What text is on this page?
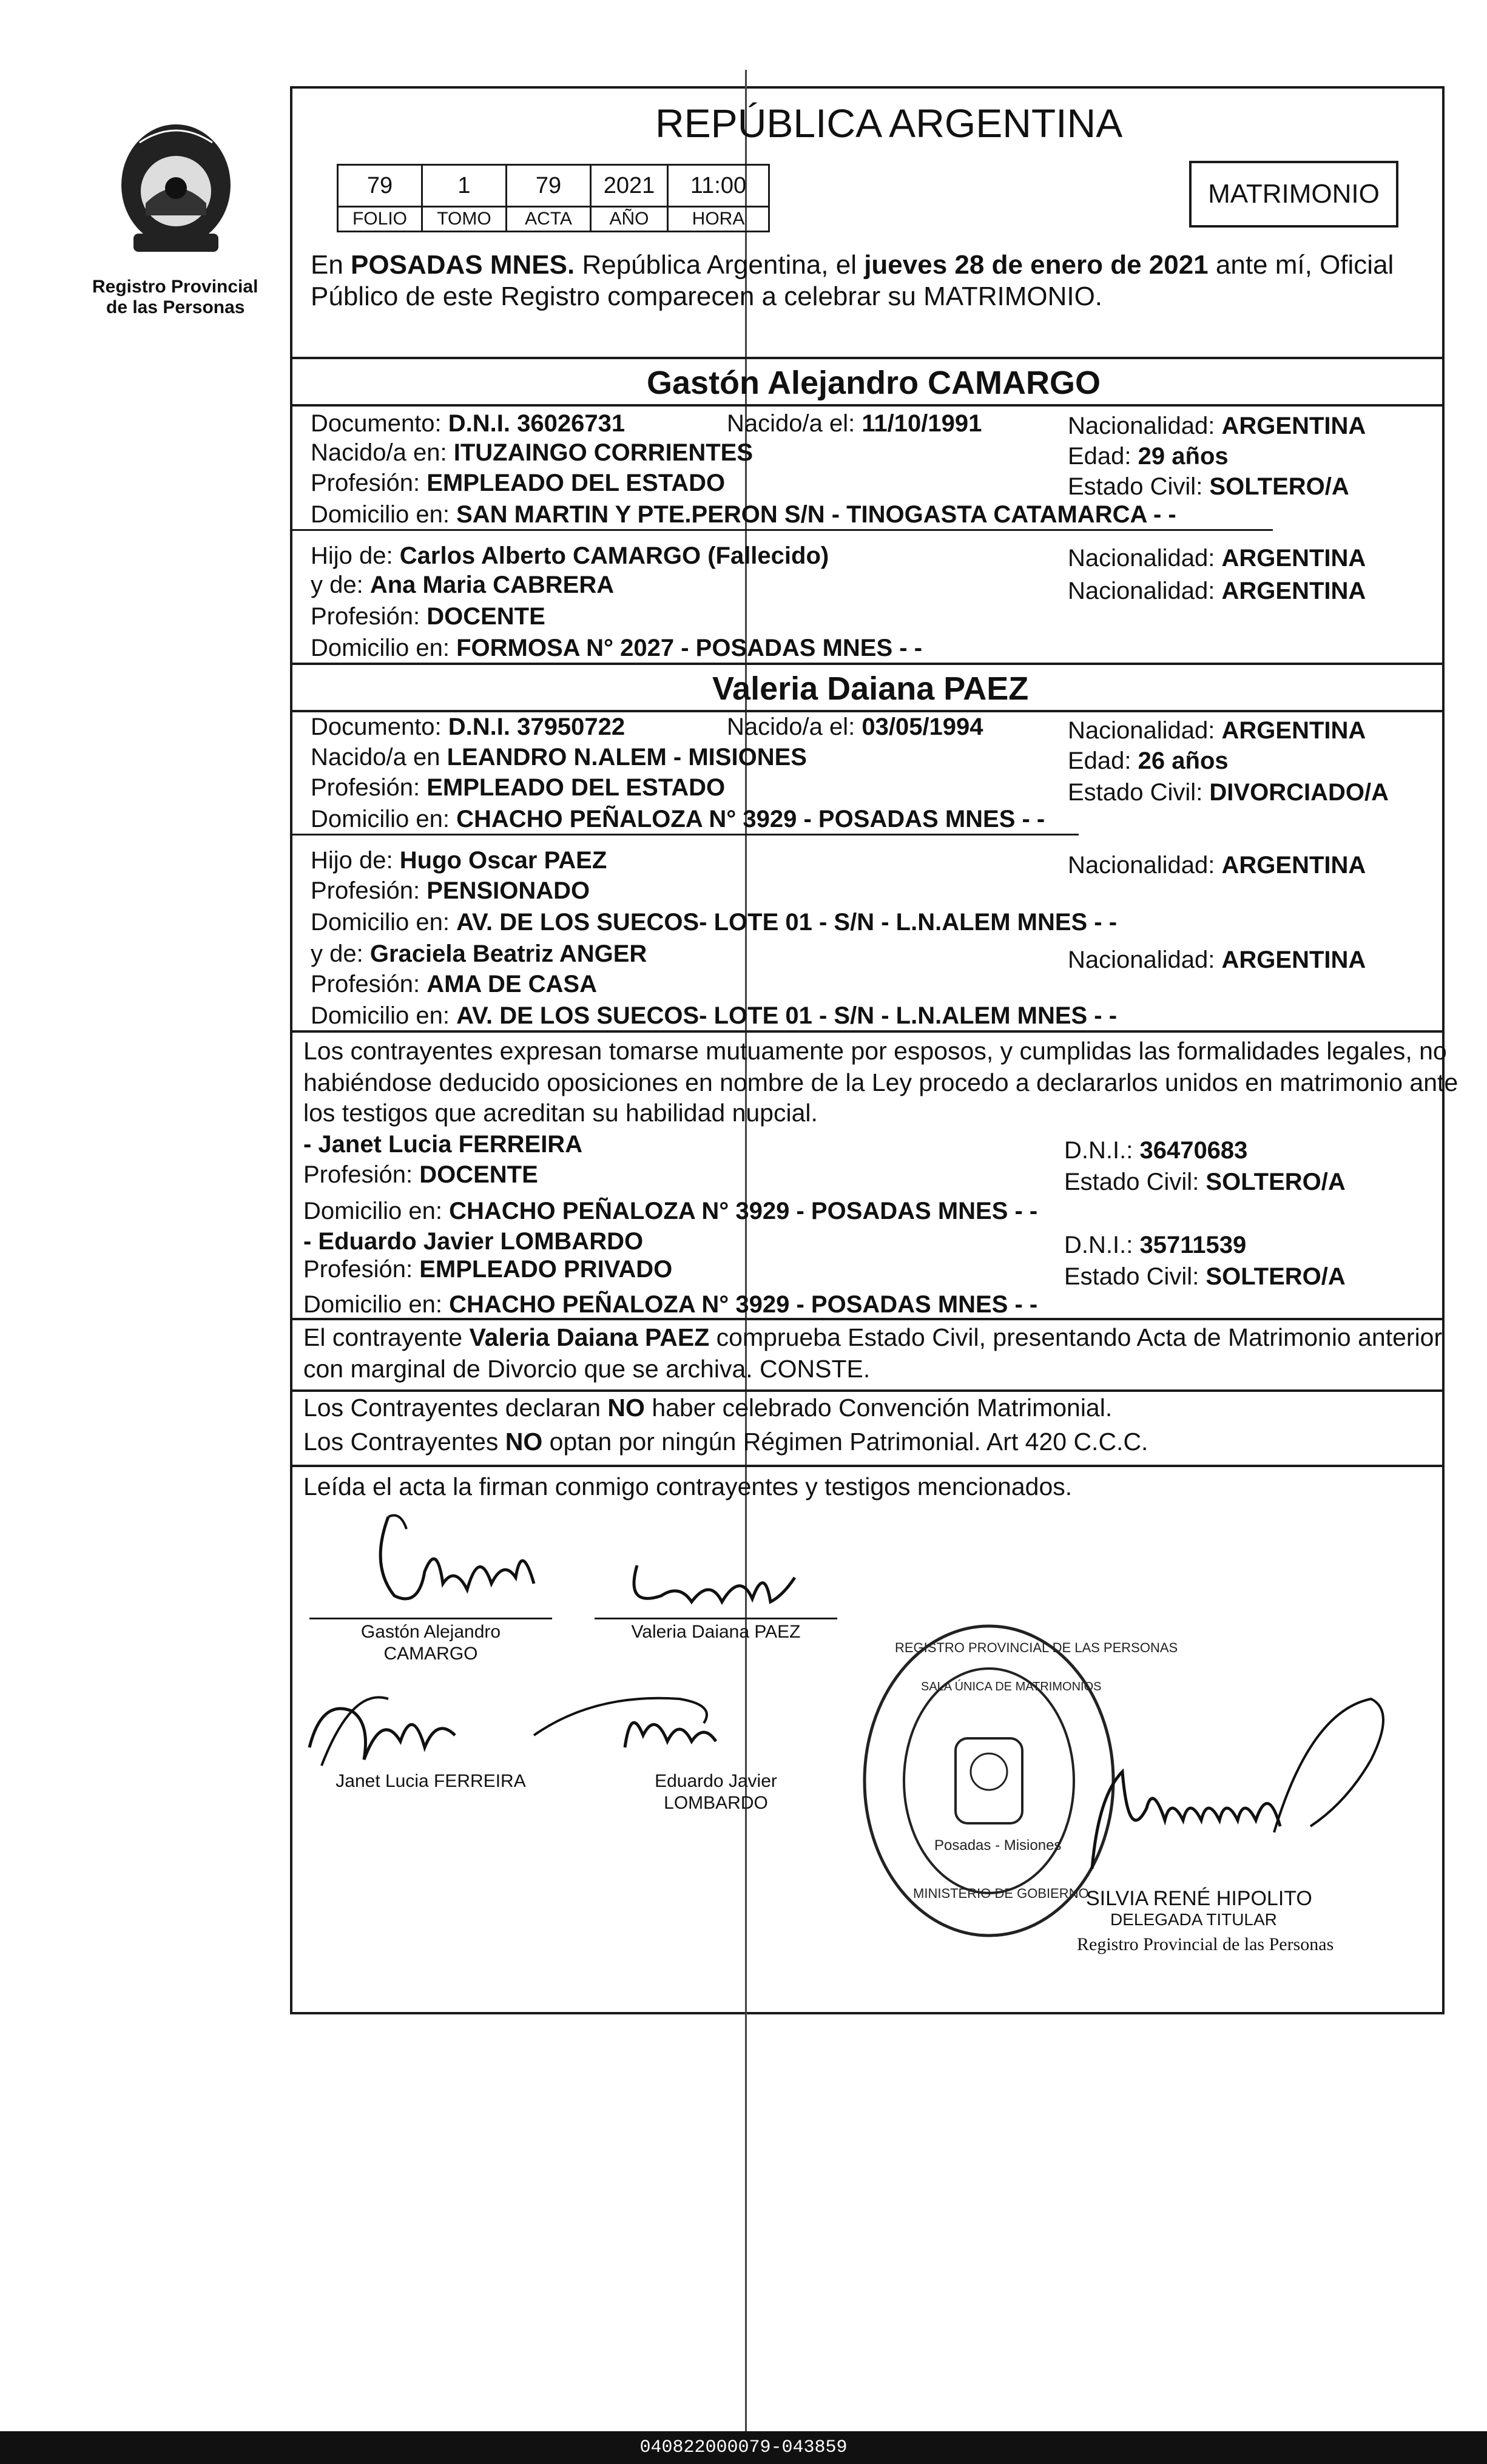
Registro Provincial
de las Personas
REPÚBLICA ARGENTINA
79	1	79	2021	11:00
FOLIO	TOMO	ACTA	AÑO	HORA
MATRIMONIO
En POSADAS MNES. República Argentina, el jueves 28 de enero de 2021 ante mí, Oficial
Público de este Registro comparecen a celebrar su MATRIMONIO.
Gastón Alejandro CAMARGO
Documento: D.N.I. 36026731	Nacido/a el: 11/10/1991	Nacionalidad: ARGENTINA
Nacido/a en: ITUZAINGO CORRIENTES	Edad: 29 años
Profesión: EMPLEADO DEL ESTADO	Estado Civil: SOLTERO/A
Domicilio en: SAN MARTIN Y PTE.PERON S/N - TINOGASTA CATAMARCA - -
Hijo de: Carlos Alberto CAMARGO (Fallecido)	Nacionalidad: ARGENTINA
y de: Ana Maria CABRERA	Nacionalidad: ARGENTINA
Profesión: DOCENTE
Domicilio en: FORMOSA N° 2027 - POSADAS MNES - -
Valeria Daiana PAEZ
Documento: D.N.I. 37950722	Nacido/a el: 03/05/1994	Nacionalidad: ARGENTINA
Nacido/a en LEANDRO N.ALEM - MISIONES	Edad: 26 años
Profesión: EMPLEADO DEL ESTADO	Estado Civil: DIVORCIADO/A
Domicilio en: CHACHO PEÑALOZA N° 3929 - POSADAS MNES - -
Hijo de: Hugo Oscar PAEZ	Nacionalidad: ARGENTINA
Profesión: PENSIONADO
Domicilio en: AV. DE LOS SUECOS- LOTE 01 - S/N - L.N.ALEM MNES - -
y de: Graciela Beatriz ANGER	Nacionalidad: ARGENTINA
Profesión: AMA DE CASA
Domicilio en: AV. DE LOS SUECOS- LOTE 01 - S/N - L.N.ALEM MNES - -
Los contrayentes expresan tomarse mutuamente por esposos, y cumplidas las formalidades legales, no
habiéndose deducido oposiciones en nombre de la Ley procedo a declararlos unidos en matrimonio ante
los testigos que acreditan su habilidad nupcial.
- Janet Lucia FERREIRA	D.N.I.: 36470683
Profesión: DOCENTE	Estado Civil: SOLTERO/A
Domicilio en: CHACHO PEÑALOZA N° 3929 - POSADAS MNES - -
- Eduardo Javier LOMBARDO	D.N.I.: 35711539
Profesión: EMPLEADO PRIVADO	Estado Civil: SOLTERO/A
Domicilio en: CHACHO PEÑALOZA N° 3929 - POSADAS MNES - -
El contrayente Valeria Daiana PAEZ comprueba Estado Civil, presentando Acta de Matrimonio anterior
con marginal de Divorcio que se archiva. CONSTE.
Los Contrayentes declaran NO haber celebrado Convención Matrimonial.
Los Contrayentes NO optan por ningún Régimen Patrimonial. Art 420 C.C.C.
Leída el acta la firman conmigo contrayentes y testigos mencionados.
Gastón Alejandro
CAMARGO
Valeria Daiana PAEZ
Janet Lucia FERREIRA	Eduardo Javier
LOMBARDO
REGISTRO PROVINCIAL DE LAS PERSONAS
SALA ÚNICA DE MATRIMONIOS
Posadas - Misiones
MINISTERIO DE GOBIERNO
SILVIA RENÉ HIPOLITO
DELEGADA TITULAR
Registro Provincial de las Personas
040822000079-043859
